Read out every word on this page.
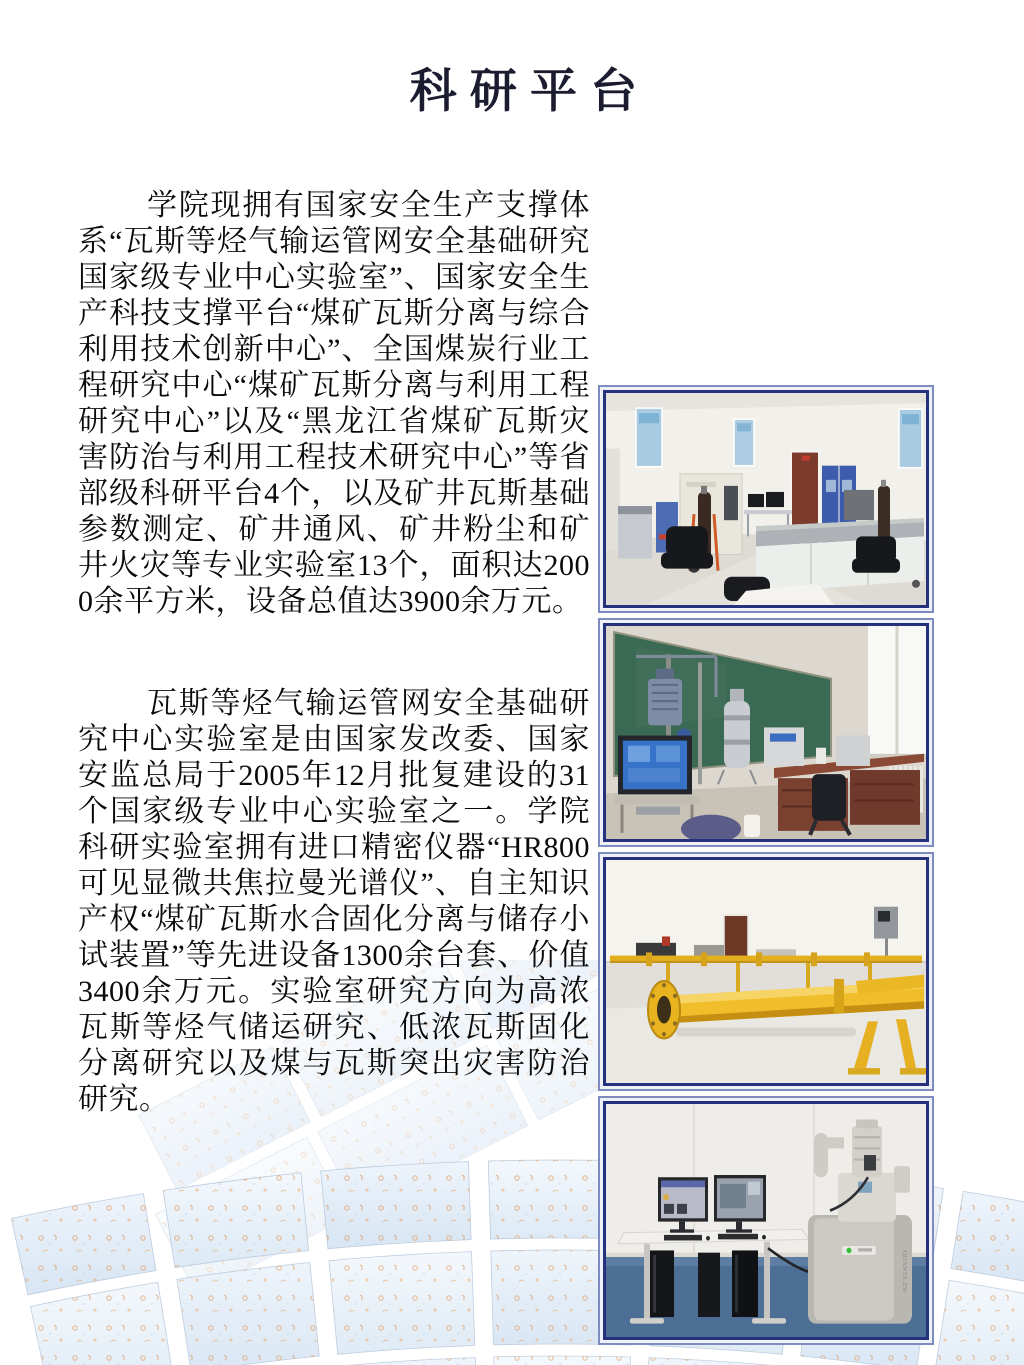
科研平台

学院现拥有国家安全生产支撑体系“瓦斯等烃气输运管网安全基础研究国家级专业中心实验室”、国家安全生产科技支撑平台“煤矿瓦斯分离与综合利用技术创新中心”、全国煤炭行业工程研究中心“煤矿瓦斯分离与利用工程研究中心”以及“黑龙江省煤矿瓦斯灾害防治与利用工程技术研究中心”等省部级科研平台4个，以及矿井瓦斯基础参数测定、矿井通风、矿井粉尘和矿井火灾等专业实验室13个，面积达2000余平方米，设备总值达3900余万元。

瓦斯等烃气输运管网安全基础研究中心实验室是由国家发改委、国家安监总局于2005年12月批复建设的31个国家级专业中心实验室之一。学院科研实验室拥有进口精密仪器“HR800可见显微共焦拉曼光谱仪”、自主知识产权“煤矿瓦斯水合固化分离与储存小试装置”等先进设备1300余台套、价值3400余万元。实验室研究方向为高浓瓦斯等烃气储运研究、低浓瓦斯固化分离研究以及煤与瓦斯突出灾害防治研究。

QUANTA 250
